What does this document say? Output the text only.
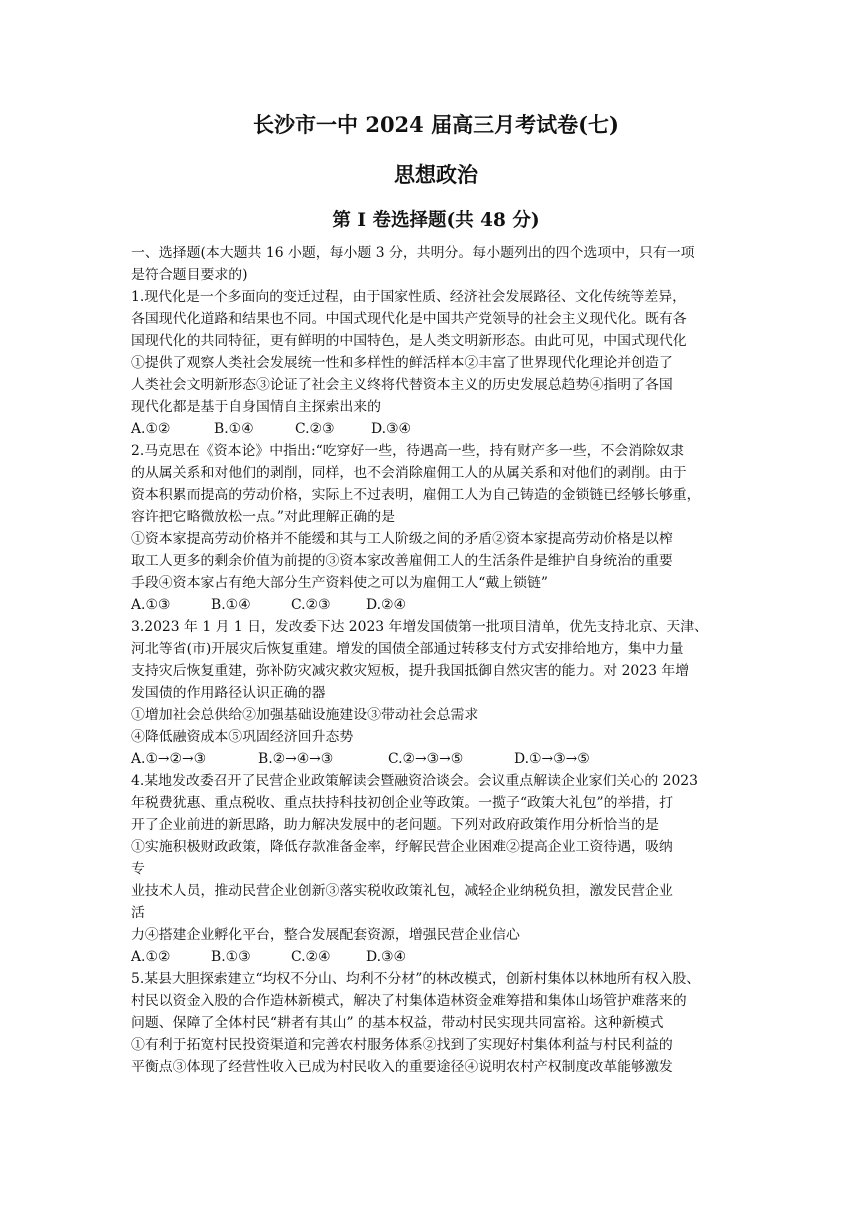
长沙市一中 2024 届高三月考试卷(七)
思想政治
第 I 卷选择题(共 48 分)

一、选择题(本大题共 16 小题，每小题 3 分，共明分。每小题列出的四个选项中，只有一项

是符合题目要求的)

1.现代化是一个多面向的变迁过程，由于国家性质、经济社会发展路径、文化传统等差异，

各国现代化道路和结果也不同。中国式现代化是中国共产党领导的社会主义现代化。既有各

国现代化的共同特征，更有鲜明的中国特色，是人类文明新形态。由此可见，中国式现代化

①提供了观察人类社会发展统一性和多样性的鲜活样本②丰富了世界现代化理论并创造了

人类社会文明新形态③论证了社会主义终将代替资本主义的历史发展总趋势④指明了各国

现代化都是基于自身国情自主探索出来的

A.①②	B.①④	C.②③	D.③④

2.马克思在《资本论》中指出:“吃穿好一些，待遇高一些，持有财产多一些，不会消除奴隶

的从属关系和对他们的剥削，同样，也不会消除雇佣工人的从属关系和对他们的剥削。由于

资本积累而提高的劳动价格，实际上不过表明，雇佣工人为自己铸造的金锁链已经够长够重，

容许把它略微放松一点。”对此理解正确的是

①资本家提高劳动价格并不能缓和其与工人阶级之间的矛盾②资本家提高劳动价格是以榨

取工人更多的剩余价值为前提的③资本家改善雇佣工人的生活条件是维护自身统治的重要

手段④资本家占有绝大部分生产资料使之可以为雇佣工人“戴上锁链”

A.①③	B.①④	C.②③	D.②④

3.2023 年 1 月 1 日，发改委下达 2023 年增发国债第一批项目清单，优先支持北京、天津、

河北等省(市)开展灾后恢复重建。增发的国债全部通过转移支付方式安排给地方，集中力量

支持灾后恢复重建，弥补防灾减灾救灾短板，提升我国抵御自然灾害的能力。对 2023 年增

发国债的作用路径认识正确的器

①增加社会总供给②加强基础设施建设③带动社会总需求

④降低融资成本⑤巩固经济回升态势

A.①→②→③	B.②→④→③	C.②→③→⑤	D.①→③→⑤

4.某地发改委召开了民营企业政策解读会暨融资洽谈会。会议重点解读企业家们关心的 2023

年税费犹惠、重点税收、重点扶持科技初创企业等政策。一揽子“政策大礼包”的举措，打

开了企业前进的新思路，助力解决发展中的老问题。下列对政府政策作用分析恰当的是

①实施积极财政政策，降低存款准备金率，纾解民营企业困难②提高企业工资待遇，吸纳

专

业技术人员，推动民营企业创新③落实税收政策礼包，减轻企业纳税负担，激发民营企业

活

力④搭建企业孵化平台，整合发展配套资源，增强民营企业信心

A.①②	B.①③	C.②④	D.③④

5.某县大胆探索建立“均权不分山、均利不分材”的林改模式，创新村集体以林地所有权入股、

村民以资金入股的合作造林新模式，解决了村集体造林资金难筹措和集体山场管护难落来的

问题、保障了全体村民“耕者有其山” 的基本权益，带动村民实现共同富裕。这种新模式

①有利于拓宽村民投资渠道和完善农村服务体系②找到了实现好村集体利益与村民利益的

平衡点③体现了经营性收入已成为村民收入的重要途径④说明农村产权制度改革能够激发
